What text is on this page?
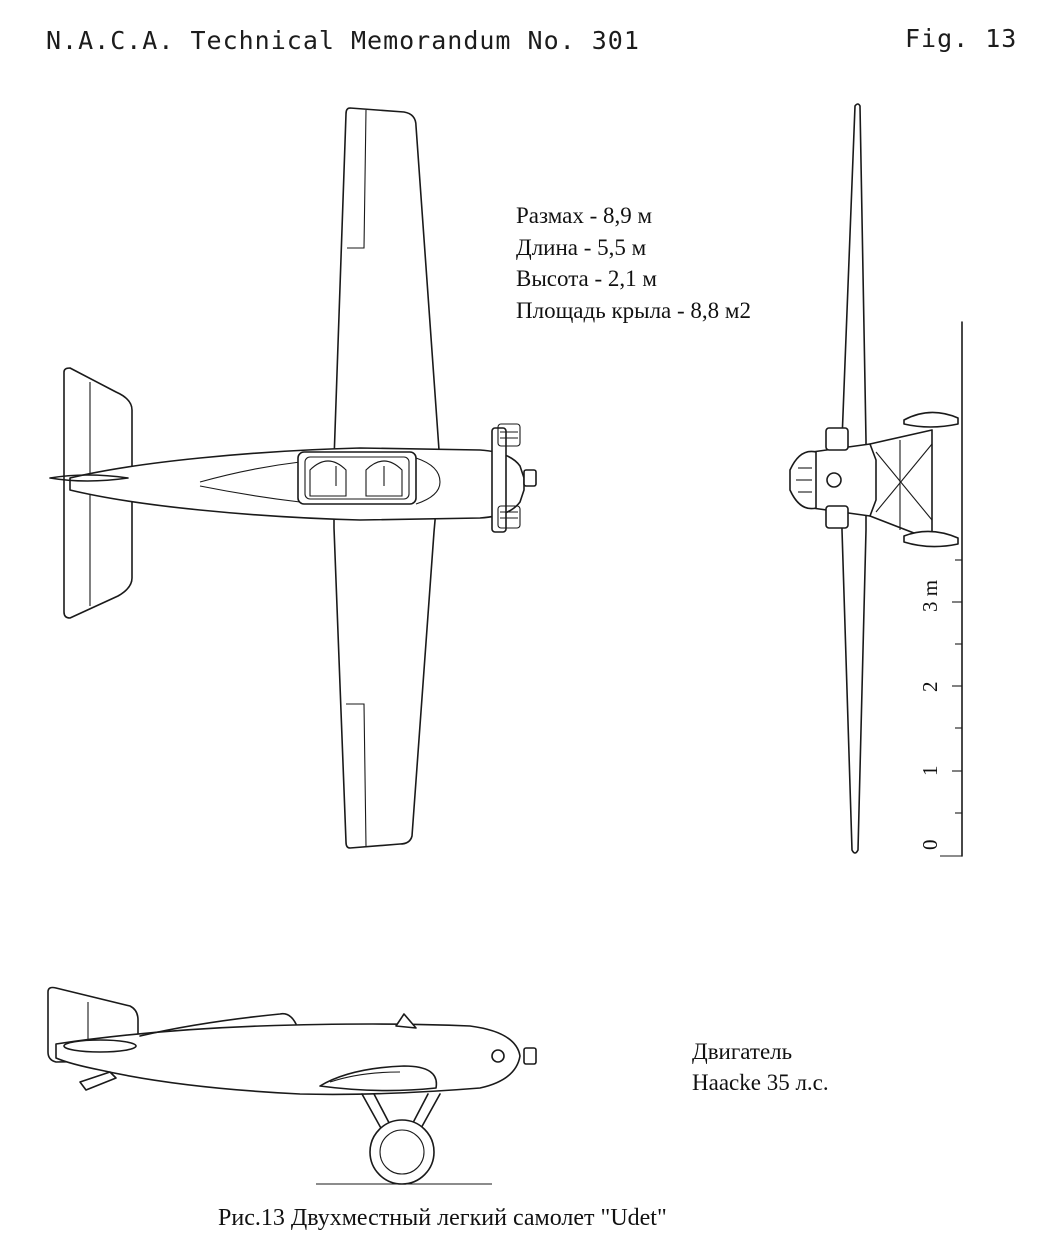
N.A.C.A. Technical Memorandum No. 301	Fig. 13
0
1
2
3 m
Размах - 8,9 м
Длина - 5,5 м
Высота - 2,1 м
Площадь крыла - 8,8 м2
Двигатель
Haacke 35 л.с.
Рис.13 Двухместный легкий самолет "Udet"
